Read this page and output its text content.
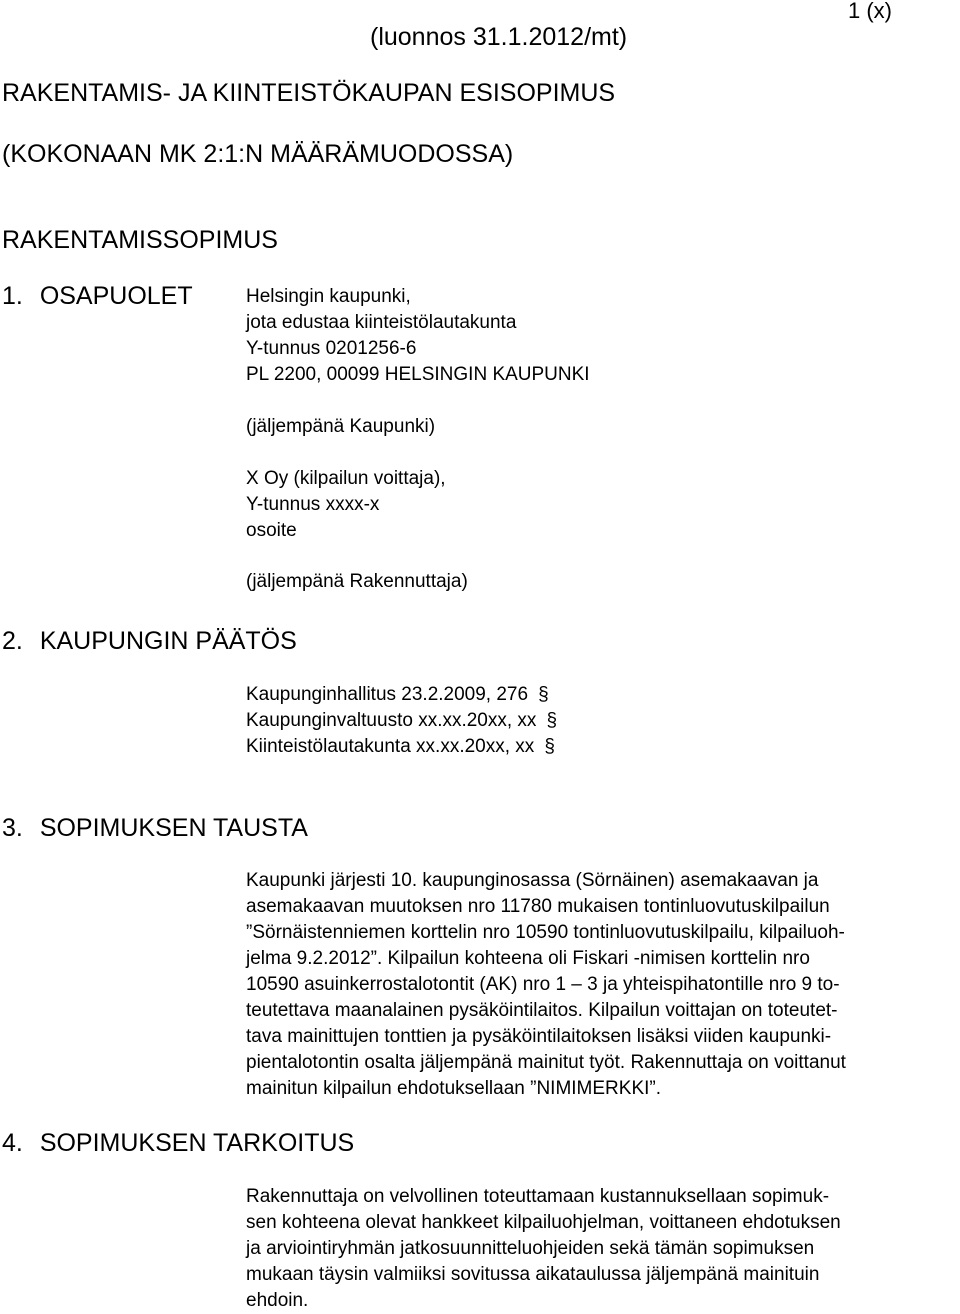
1 (x)
(luonnos 31.1.2012/mt)
RAKENTAMIS- JA KIINTEISTÖKAUPAN ESISOPIMUS
(KOKONAAN MK 2:1:N MÄÄRÄMUODOSSA)
RAKENTAMISSOPIMUS
1. OSAPUOLET	Helsingin kaupunki,
jota edustaa kiinteistölautakunta
Y-tunnus 0201256-6
PL 2200, 00099 HELSINGIN KAUPUNKI
(jäljempänä Kaupunki)
X Oy (kilpailun voittaja),
Y-tunnus xxxx-x
osoite
(jäljempänä Rakennuttaja)
2. KAUPUNGIN PÄÄTÖS
Kaupunginhallitus 23.2.2009, 276 §
Kaupunginvaltuusto xx.xx.20xx, xx §
Kiinteistölautakunta xx.xx.20xx, xx §
3. SOPIMUKSEN TAUSTA
Kaupunki järjesti 10. kaupunginosassa (Sörnäinen) asemakaavan ja
asemakaavan muutoksen nro 11780 mukaisen tontinluovutuskilpailun
”Sörnäistenniemen korttelin nro 10590 tontinluovutuskilpailu, kilpailuoh-
jelma 9.2.2012”. Kilpailun kohteena oli Fiskari -nimisen korttelin nro
10590 asuinkerrostalotontit (AK) nro 1 – 3 ja yhteispihatontille nro 9 to-
teutettava maanalainen pysäköintilaitos. Kilpailun voittajan on toteutet-
tava mainittujen tonttien ja pysäköintilaitoksen lisäksi viiden kaupunki-
pientalotontin osalta jäljempänä mainitut työt. Rakennuttaja on voittanut
mainitun kilpailun ehdotuksellaan ”NIMIMERKKI”.
4. SOPIMUKSEN TARKOITUS
Rakennuttaja on velvollinen toteuttamaan kustannuksellaan sopimuk-
sen kohteena olevat hankkeet kilpailuohjelman, voittaneen ehdotuksen
ja arviointiryhmän jatkosuunnitteluohjeiden sekä tämän sopimuksen
mukaan täysin valmiiksi sovitussa aikataulussa jäljempänä mainituin
ehdoin.
